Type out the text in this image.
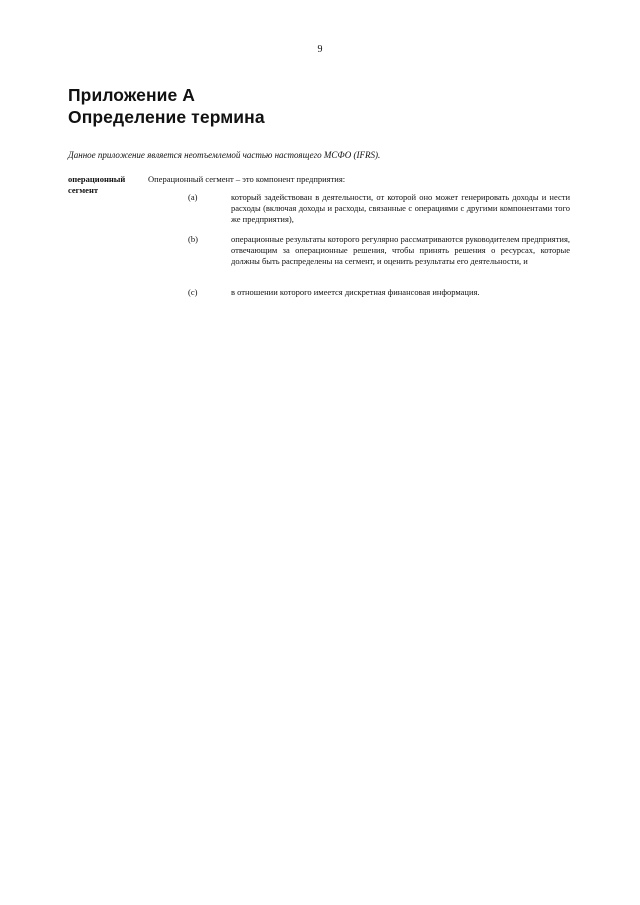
9
Приложение А
Определение термина
Данное приложение является неотъемлемой частью настоящего МСФО (IFRS).
операционный
сегмент
Операционный сегмент – это компонент предприятия:
(a)	который задействован в деятельности, от которой оно может генерировать доходы и нести расходы (включая доходы и расходы, связанные с операциями с другими компонентами того же предприятия),
(b)	операционные результаты которого регулярно рассматриваются руководителем предприятия, отвечающим за операционные решения, чтобы принять решения о ресурсах, которые должны быть распределены на сегмент, и оценить результаты его деятельности, и
(c)	в отношении которого имеется дискретная финансовая информация.
